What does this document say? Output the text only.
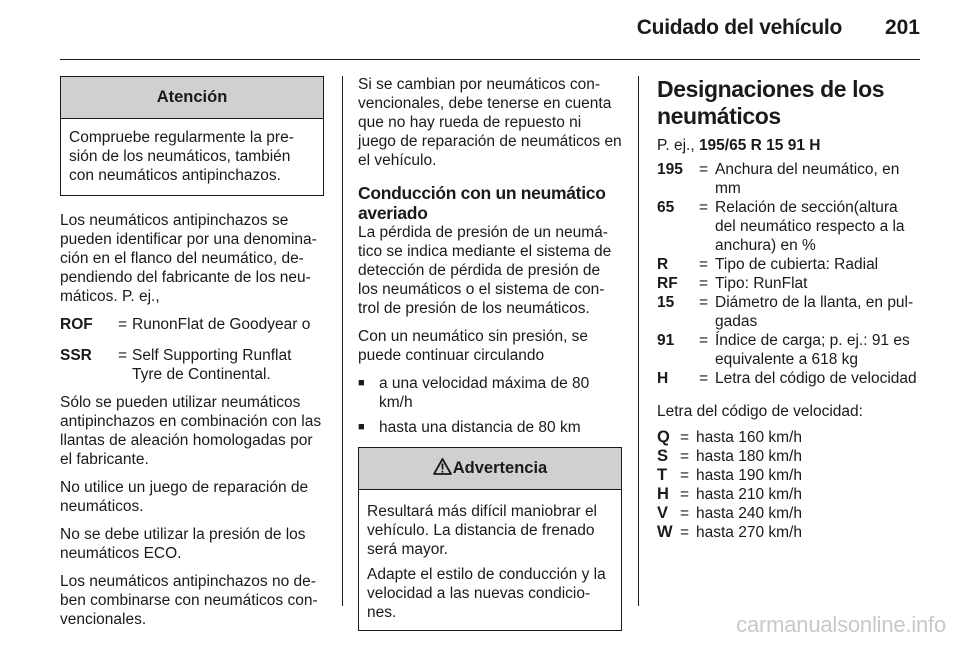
Cuidado del vehículo 201
Atención

Compruebe regularmente la pre-sión de los neumáticos, también con neumáticos antipinchazos.

Los neumáticos antipinchazos se pueden identificar por una denomina-ción en el flanco del neumático, de-pendiendo del fabricante de los neu-máticos. P. ej.,

ROF	= RunonFlat de Goodyear o
SSR	= Self Supporting Runflat Tyre de Continental.

Sólo se pueden utilizar neumáticos antipinchazos en combinación con las llantas de aleación homologadas por el fabricante.

No utilice un juego de reparación de neumáticos.

No se debe utilizar la presión de los neumáticos ECO.

Los neumáticos antipinchazos no de-ben combinarse con neumáticos con-vencionales.

Si se cambian por neumáticos con-vencionales, debe tenerse en cuenta que no hay rueda de repuesto ni juego de reparación de neumáticos en el vehículo.

Conducción con un neumático averiado

La pérdida de presión de un neumá-tico se indica mediante el sistema de detección de pérdida de presión de los neumáticos o el sistema de con-trol de presión de los neumáticos.

Con un neumático sin presión, se puede continuar circulando

■ a una velocidad máxima de 80 km/h
■ hasta una distancia de 80 km
Advertencia

Resultará más difícil maniobrar el vehículo. La distancia de frenado será mayor.

Adapte el estilo de conducción y la velocidad a las nuevas condicio-nes.

Designaciones de los neumáticos

P. ej., 195/65 R 15 91 H

195	= Anchura del neumático, en mm
65	= Relación de sección(altura del neumático respecto a la anchura) en %
R	= Tipo de cubierta: Radial
RF	= Tipo: RunFlat
15	= Diámetro de la llanta, en pul-gadas
91	= Índice de carga; p. ej.: 91 es equivalente a 618 kg
H	= Letra del código de velocidad

Letra del código de velocidad:

Q = hasta 160 km/h
S = hasta 180 km/h
T = hasta 190 km/h
H = hasta 210 km/h
V = hasta 240 km/h
W = hasta 270 km/h
carmanualsonline.info
